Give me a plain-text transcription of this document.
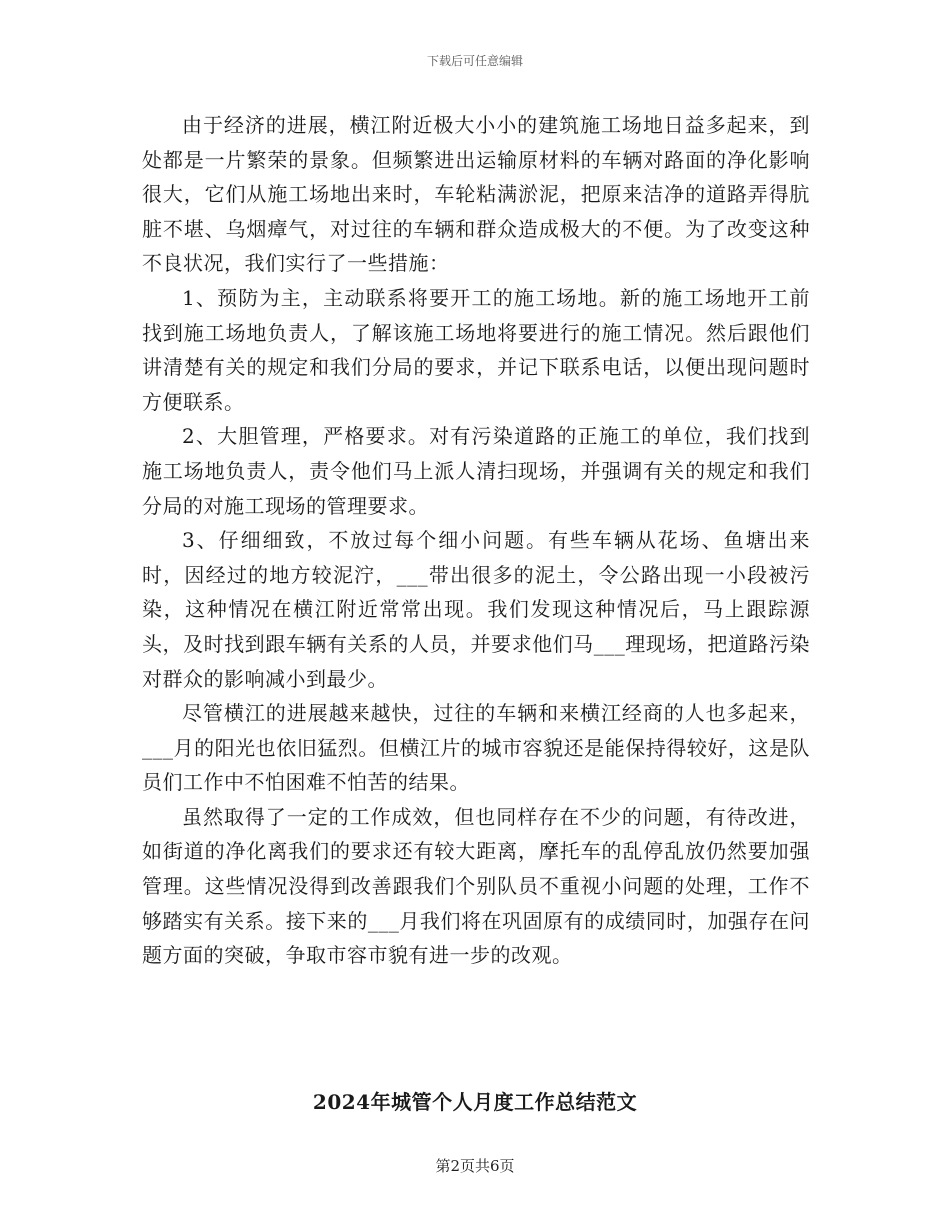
下载后可任意编辑

由于经济的进展，横江附近极大小小的建筑施工场地日益多起来，到处都是一片繁荣的景象。但频繁进出运输原材料的车辆对路面的净化影响很大，它们从施工场地出来时，车轮粘满淤泥，把原来洁净的道路弄得肮脏不堪、乌烟瘴气，对过往的车辆和群众造成极大的不便。为了改变这种不良状况，我们实行了一些措施：

1、预防为主，主动联系将要开工的施工场地。新的施工场地开工前找到施工场地负责人，了解该施工场地将要进行的施工情况。然后跟他们讲清楚有关的规定和我们分局的要求，并记下联系电话，以便出现问题时方便联系。

2、大胆管理，严格要求。对有污染道路的正施工的单位，我们找到施工场地负责人，责令他们马上派人清扫现场，并强调有关的规定和我们分局的对施工现场的管理要求。

3、仔细细致，不放过每个细小问题。有些车辆从花场、鱼塘出来时，因经过的地方较泥泞，___带出很多的泥土，令公路出现一小段被污染，这种情况在横江附近常常出现。我们发现这种情况后，马上跟踪源头，及时找到跟车辆有关系的人员，并要求他们马___理现场，把道路污染对群众的影响减小到最少。

尽管横江的进展越来越快，过往的车辆和来横江经商的人也多起来，___月的阳光也依旧猛烈。但横江片的城市容貌还是能保持得较好，这是队员们工作中不怕困难不怕苦的结果。

虽然取得了一定的工作成效，但也同样存在不少的问题，有待改进，如街道的净化离我们的要求还有较大距离，摩托车的乱停乱放仍然要加强管理。这些情况没得到改善跟我们个别队员不重视小问题的处理，工作不够踏实有关系。接下来的___月我们将在巩固原有的成绩同时，加强存在问题方面的突破，争取市容市貌有进一步的改观。

2024年城管个人月度工作总结范文
第2页共6页
